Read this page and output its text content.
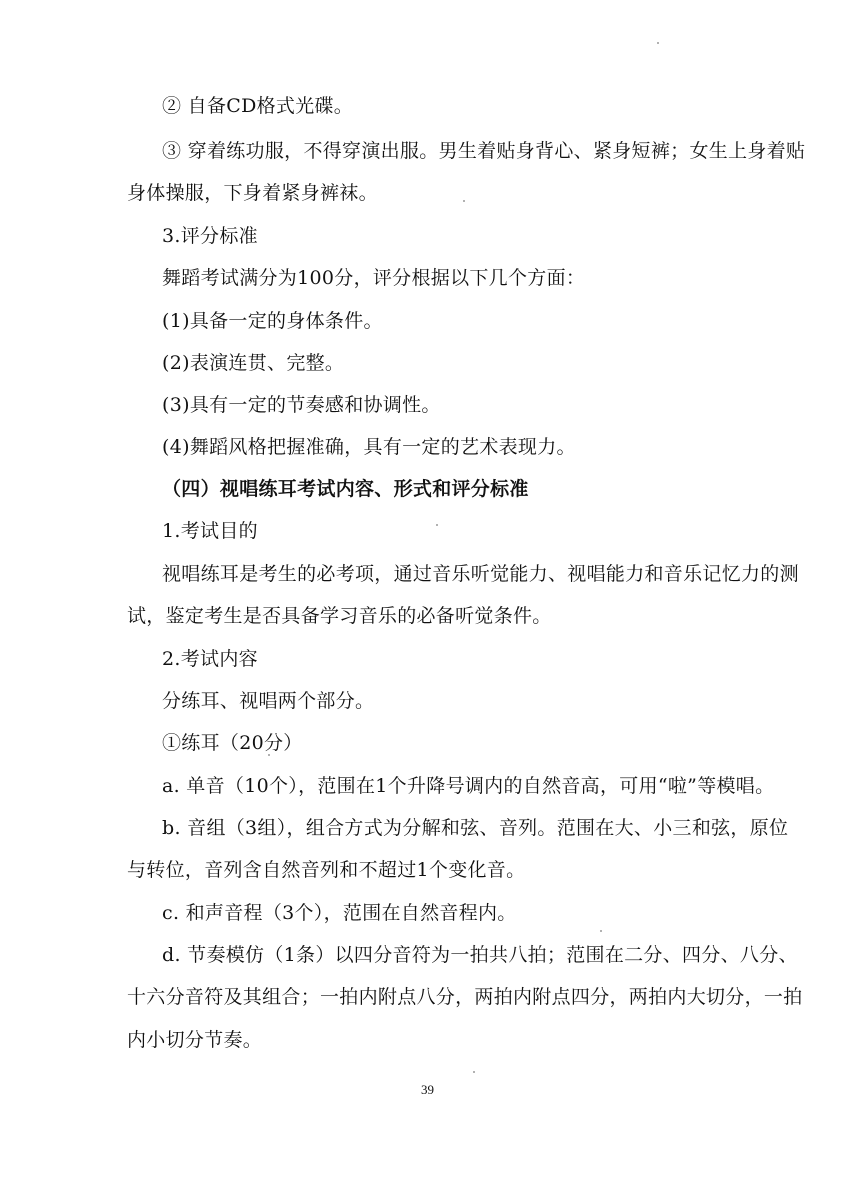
② 自备CD格式光碟。
③ 穿着练功服，不得穿演出服。男生着贴身背心、紧身短裤；女生上身着贴
身体操服，下身着紧身裤袜。
3.评分标准
舞蹈考试满分为100分，评分根据以下几个方面：
(1)具备一定的身体条件。
(2)表演连贯、完整。
(3)具有一定的节奏感和协调性。
(4)舞蹈风格把握准确，具有一定的艺术表现力。
（四）视唱练耳考试内容、形式和评分标准
1.考试目的
视唱练耳是考生的必考项，通过音乐听觉能力、视唱能力和音乐记忆力的测
试，鉴定考生是否具备学习音乐的必备听觉条件。
2.考试内容
分练耳、视唱两个部分。
①练耳（20分）
a. 单音（10个），范围在1个升降号调内的自然音高，可用“啦”等模唱。
b. 音组（3组），组合方式为分解和弦、音列。范围在大、小三和弦，原位
与转位，音列含自然音列和不超过1个变化音。
c. 和声音程（3个），范围在自然音程内。
d. 节奏模仿（1条）以四分音符为一拍共八拍；范围在二分、四分、八分、
十六分音符及其组合；一拍内附点八分，两拍内附点四分，两拍内大切分，一拍
内小切分节奏。
39
